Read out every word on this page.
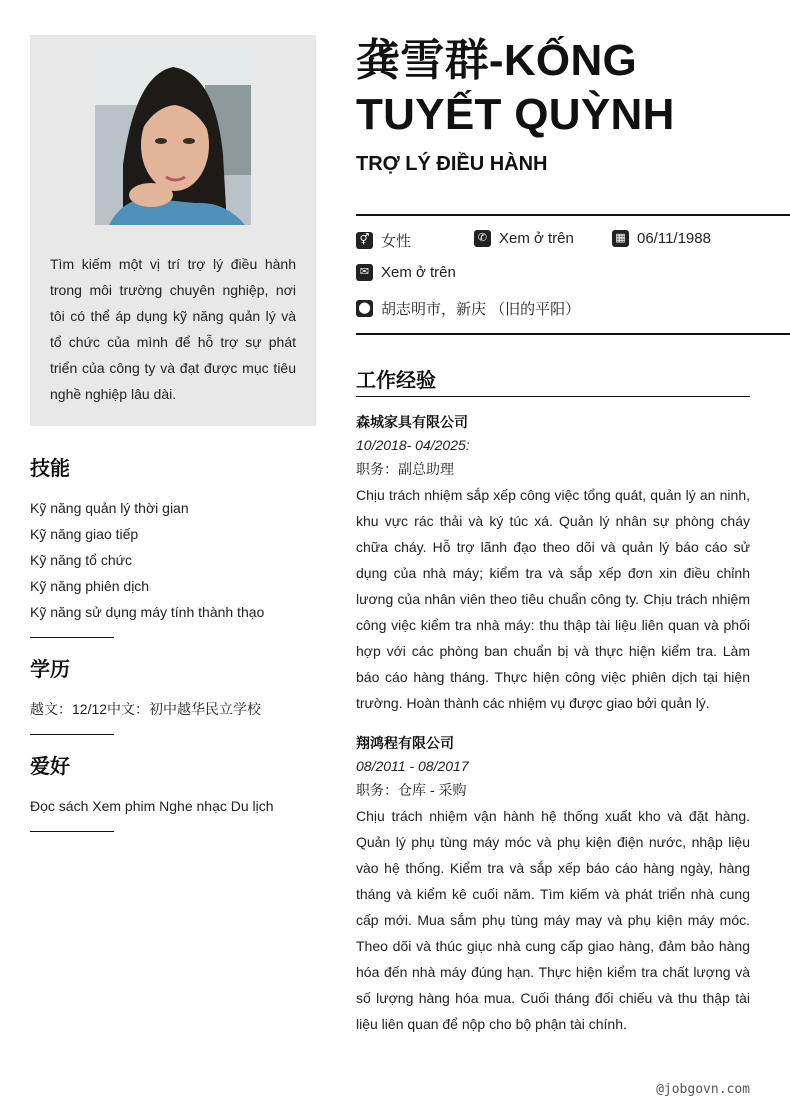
Tìm kiếm một vị trí trợ lý điều hành trong môi trường chuyên nghiệp, nơi tôi có thể áp dụng kỹ năng quản lý và tổ chức của mình để hỗ trợ sự phát triển của công ty và đạt được mục tiêu nghề nghiệp lâu dài.
技能
Kỹ năng quản lý thời gian
Kỹ năng giao tiếp
Kỹ năng tổ chức
Kỹ năng phiên dịch
Kỹ năng sử dụng máy tính thành thạo
学历
越文：12/12中文：初中越华民立学校
爱好
Đọc sách Xem phim Nghe nhạc Du lịch
龚雪群-KỐNG TUYẾT QUỲNH
TRỢ LÝ ĐIỀU HÀNH
⚥ 女性	✆ Xem ở trên	▦ 06/11/1988
✉ Xem ở trên
⬤ 胡志明市，新庆 （旧的平阳）
工作经验
森城家具有限公司
10/2018- 04/2025:
职务：副总助理
Chịu trách nhiệm sắp xếp công việc tổng quát, quản lý an ninh, khu vực rác thải và ký túc xá. Quản lý nhân sự phòng cháy chữa cháy. Hỗ trợ lãnh đạo theo dõi và quản lý báo cáo sử dụng của nhà máy; kiểm tra và sắp xếp đơn xin điều chỉnh lương của nhân viên theo tiêu chuẩn công ty. Chịu trách nhiệm công việc kiểm tra nhà máy: thu thập tài liệu liên quan và phối hợp với các phòng ban chuẩn bị và thực hiện kiểm tra. Làm báo cáo hàng tháng. Thực hiện công việc phiên dịch tại hiện trường. Hoàn thành các nhiệm vụ được giao bởi quản lý.
翔鸿程有限公司
08/2011 - 08/2017
职务：仓库 - 采购
Chịu trách nhiệm vận hành hệ thống xuất kho và đặt hàng. Quản lý phụ tùng máy móc và phụ kiện điện nước, nhập liệu vào hệ thống. Kiểm tra và sắp xếp báo cáo hàng ngày, hàng tháng và kiểm kê cuối năm. Tìm kiếm và phát triển nhà cung cấp mới. Mua sắm phụ tùng máy may và phụ kiện máy móc. Theo dõi và thúc giục nhà cung cấp giao hàng, đảm bảo hàng hóa đến nhà máy đúng hạn. Thực hiện kiểm tra chất lượng và số lượng hàng hóa mua. Cuối tháng đối chiếu và thu thập tài liệu liên quan để nộp cho bộ phận tài chính.
@jobgovn.com
